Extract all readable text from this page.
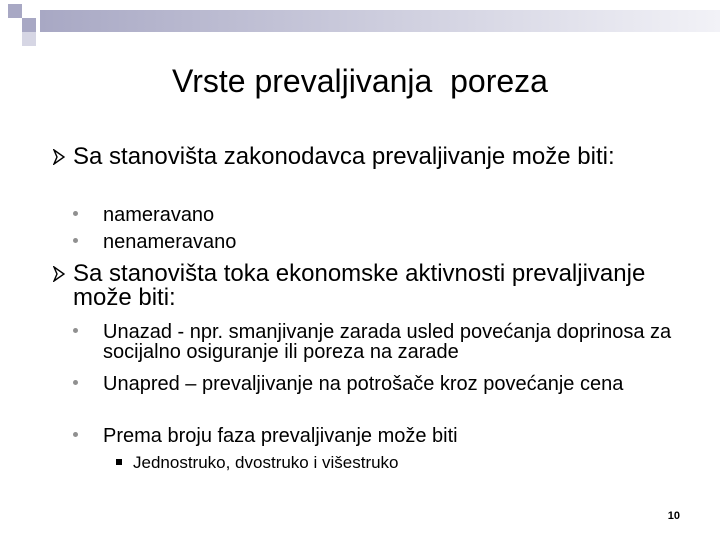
Vrste prevaljivanja  poreza
Sa stanovišta zakonodavca prevaljivanje može biti:
nameravano
nenameravano
Sa stanovišta toka ekonomske aktivnosti prevaljivanje može biti:
Unazad - npr. smanjivanje zarada usled povećanja doprinosa za socijalno osiguranje ili poreza na zarade
Unapred – prevaljivanje na potrošače kroz povećanje cena
Prema broju faza prevaljivanje može biti
Jednostruko, dvostruko i višestruko
10
